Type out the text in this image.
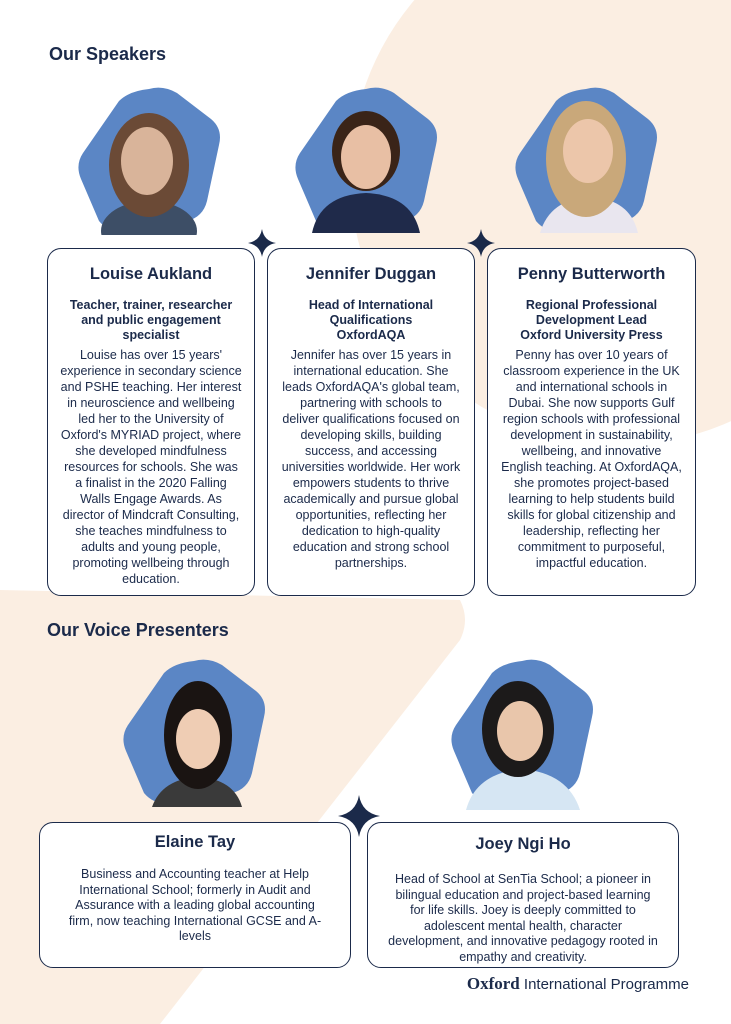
Our Speakers
Louise Aukland
Teacher, trainer, researcher and public engagement specialist
Louise has over 15 years' experience in secondary science and PSHE teaching. Her interest in neuroscience and wellbeing led her to the University of Oxford's MYRIAD project, where she developed mindfulness resources for schools. She was a finalist in the 2020 Falling Walls Engage Awards. As director of Mindcraft Consulting, she teaches mindfulness to adults and young people, promoting wellbeing through education.
Jennifer Duggan
Head of International Qualifications OxfordAQA
Jennifer has over 15 years in international education. She leads OxfordAQA's global team, partnering with schools to deliver qualifications focused on developing skills, building success, and accessing universities worldwide. Her work empowers students to thrive academically and pursue global opportunities, reflecting her dedication to high-quality education and strong school partnerships.
Penny Butterworth
Regional Professional Development Lead Oxford University Press
Penny has over 10 years of classroom experience in the UK and international schools in Dubai. She now supports Gulf region schools with professional development in sustainability, wellbeing, and innovative English teaching. At OxfordAQA, she promotes project-based learning to help students build skills for global citizenship and leadership, reflecting her commitment to purposeful, impactful education.
Our Voice Presenters
Elaine Tay
Business and Accounting teacher at Help International School; formerly in Audit and Assurance with a leading global accounting firm, now teaching International GCSE and A-levels
Joey Ngi Ho
Head of School at SenTia School; a pioneer in bilingual education and project-based learning for life skills. Joey is deeply committed to adolescent mental health, character development, and innovative pedagogy rooted in empathy and creativity.
Oxford International Programme
